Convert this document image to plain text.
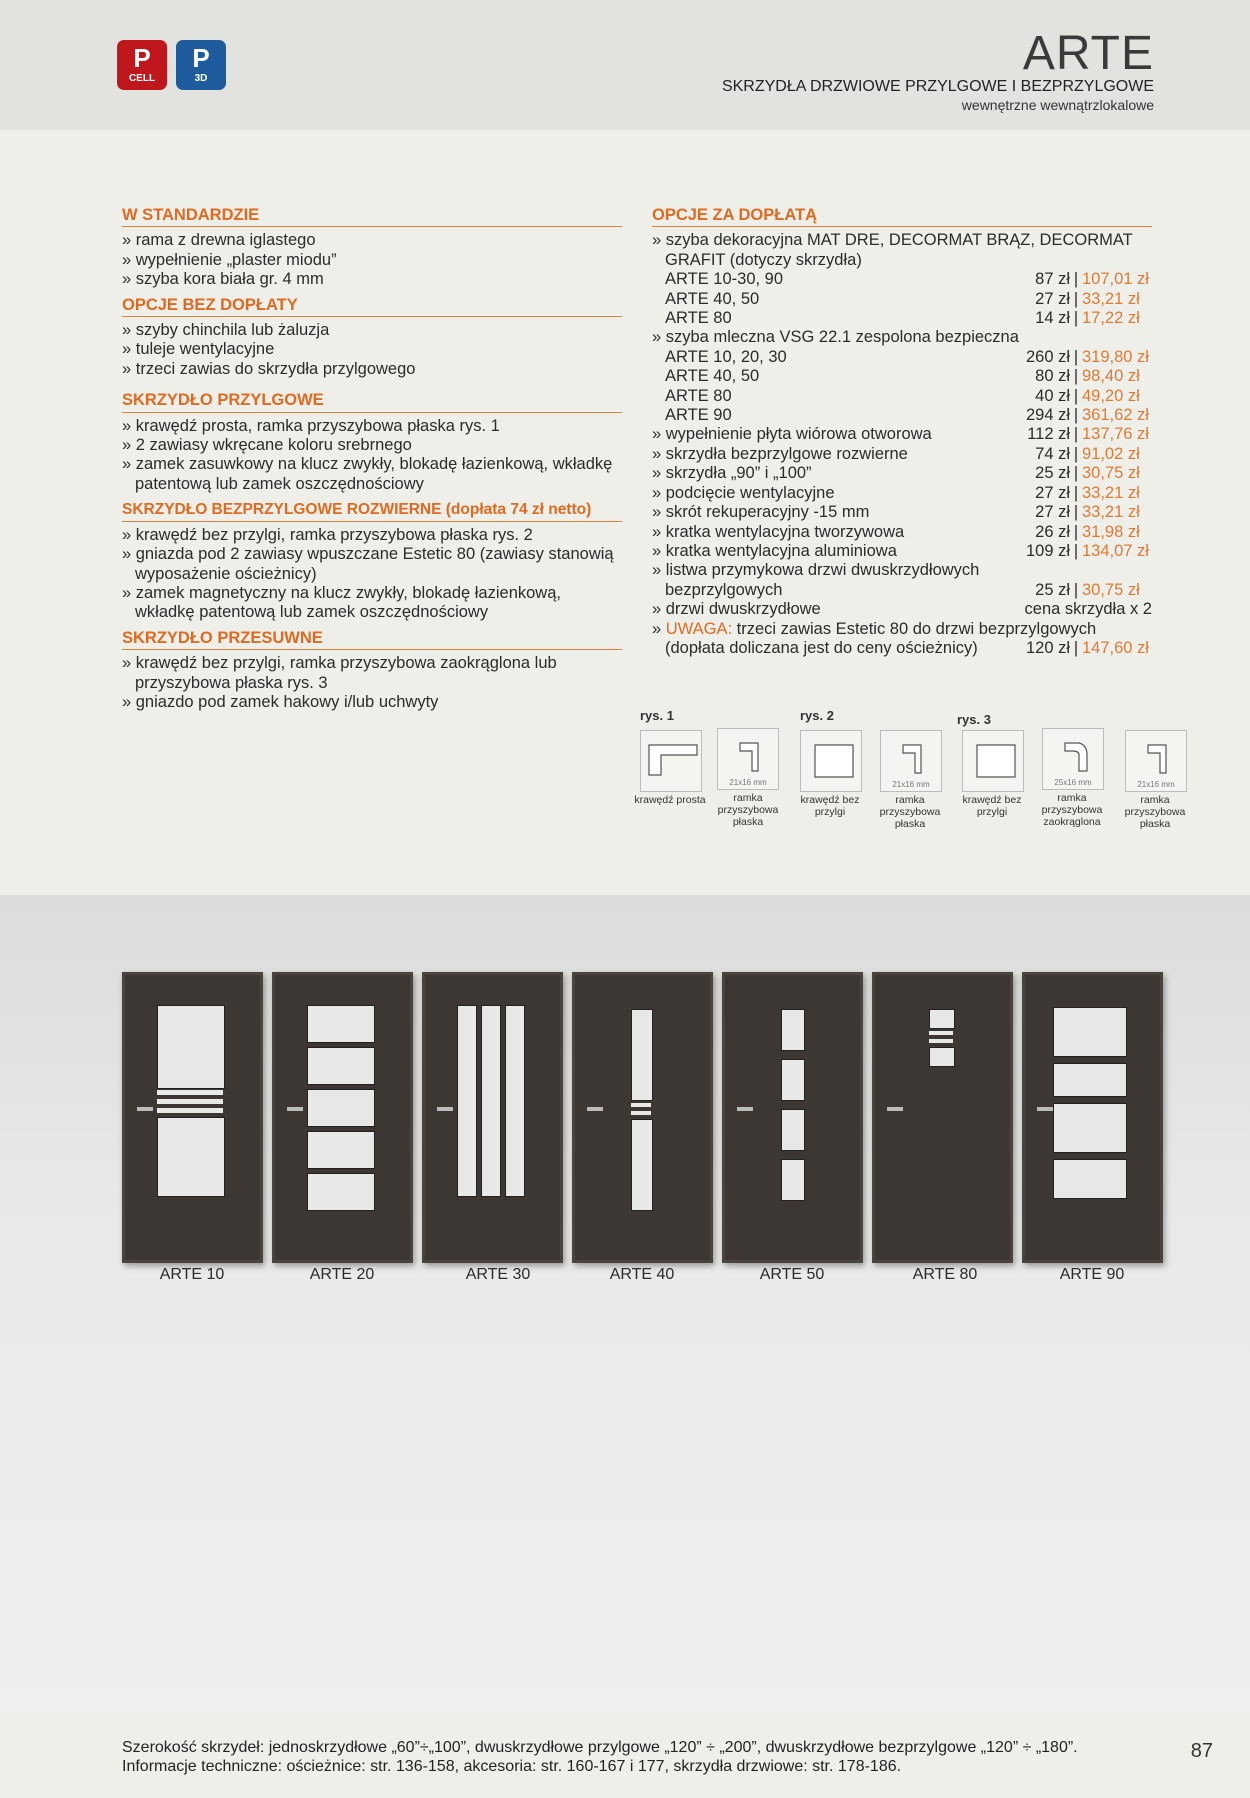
P
CELL
P
3D	ARTE
SKRZYDŁA DRZWIOWE PRZYLGOWE I BEZPRZYLGOWE
wewnętrzne wewnątrzlokalowe
W STANDARDZIE
» rama z drewna iglastego
» wypełnienie „plaster miodu”
» szyba kora biała gr. 4 mm
OPCJE BEZ DOPŁATY
» szyby chinchila lub żaluzja
» tuleje wentylacyjne
» trzeci zawias do skrzydła przylgowego
SKRZYDŁO PRZYLGOWE
» krawędź prosta, ramka przyszybowa płaska rys. 1
» 2 zawiasy wkręcane koloru srebrnego
» zamek zasuwkowy na klucz zwykły, blokadę łazienkową, wkładkę patentową lub zamek oszczędnościowy
SKRZYDŁO BEZPRZYLGOWE ROZWIERNE (dopłata 74 zł netto)
» krawędź bez przylgi, ramka przyszybowa płaska rys. 2
» gniazda pod 2 zawiasy wpuszczane Estetic 80 (zawiasy stanowią wyposażenie ościeżnicy)
» zamek magnetyczny na klucz zwykły, blokadę łazienkową, wkładkę patentową lub zamek oszczędnościowy
SKRZYDŁO PRZESUWNE
» krawędź bez przylgi, ramka przyszybowa zaokrąglona lub przyszybowa płaska rys. 3
» gniazdo pod zamek hakowy i/lub uchwyty
OPCJE ZA DOPŁATĄ
» szyba dekoracyjna MAT DRE, DECORMAT BRĄZ, DECORMAT GRAFIT (dotyczy skrzydła)
ARTE 10-30, 90	87 zł | 107,01 zł
ARTE 40, 50	27 zł | 33,21 zł
ARTE 80	14 zł | 17,22 zł
» szyba mleczna VSG 22.1 zespolona bezpieczna
ARTE 10, 20, 30	260 zł | 319,80 zł
ARTE 40, 50	80 zł | 98,40 zł
ARTE 80	40 zł | 49,20 zł
ARTE 90	294 zł | 361,62 zł
» wypełnienie płyta wiórowa otworowa	112 zł | 137,76 zł
» skrzydła bezprzylgowe rozwierne	74 zł | 91,02 zł
» skrzydła „90” i „100”	25 zł | 30,75 zł
» podcięcie wentylacyjne	27 zł | 33,21 zł
» skrót rekuperacyjny -15 mm	27 zł | 33,21 zł
» kratka wentylacyjna tworzywowa	26 zł | 31,98 zł
» kratka wentylacyjna aluminiowa	109 zł | 134,07 zł
» listwa przymykowa drzwi dwuskrzydłowych
bezprzylgowych	25 zł | 30,75 zł
» drzwi dwuskrzydłowe	cena skrzydła x 2
» UWAGA: trzeci zawias Estetic 80 do drzwi bezprzylgowych
(dopłata doliczana jest do ceny ościeżnicy)	120 zł | 147,60 zł
rys. 1	rys. 2	rys. 3
21x16 mm	21x16 mm	25x16 mm	21x16 mm
krawędź prosta	ramka przyszybowa płaska
krawędź bez przylgi
ramka przyszybowa płaska
krawędź bez przylgi
ramka przyszybowa zaokrąglona
ramka przyszybowa płaska
ARTE 10	ARTE 20	ARTE 30	ARTE 40	ARTE 50	ARTE 80	ARTE 90
Szerokość skrzydeł: jednoskrzydłowe „60”÷„100”, dwuskrzydłowe przylgowe „120” ÷ „200”, dwuskrzydłowe bezprzylgowe „120” ÷ „180”.
Informacje techniczne: ościeżnice: str. 136-158, akcesoria: str. 160-167 i 177, skrzydła drzwiowe: str. 178-186.
87
